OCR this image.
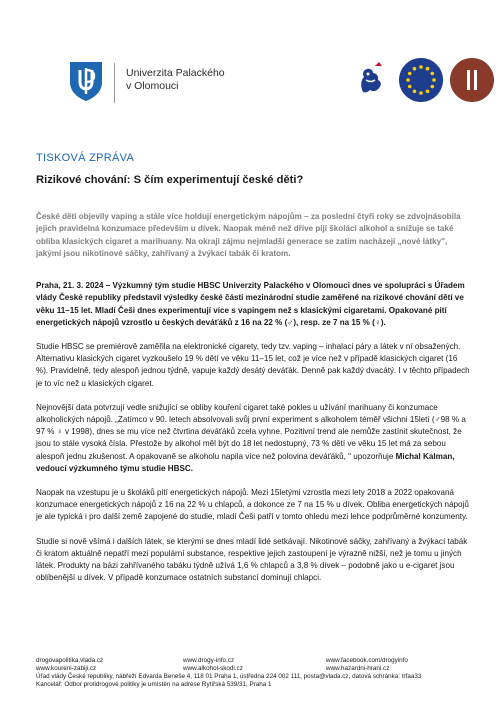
Univerzita Palackého
v Olomouci
TISKOVÁ ZPRÁVA
Rizikové chování: S čím experimentují české děti?
České děti objevily vaping a stále více holdují energetickým nápojům – za poslední čtyři roky se zdvojnásobila jejich pravidelná konzumace především u dívek. Naopak méně než dříve pijí školáci alkohol a snižuje se také obliba klasických cigaret a marihuany. Na okraji zájmu nejmladší generace se zatím nacházejí „nové látky", jakými jsou nikotinové sáčky, zahřívaný a žvýkací tabák či kratom.
Praha, 21. 3. 2024 – Výzkumný tým studie HBSC Univerzity Palackého v Olomouci dnes ve spolupráci s Úřadem vlády České republiky představil výsledky české části mezinárodní studie zaměřené na rizikové chování dětí ve věku 11–15 let. Mladí Češi dnes experimentují více s vapingem než s klasickými cigaretami. Opakované pití energetických nápojů vzrostlo u českých deváťáků z 16 na 22 % (♂), resp. ze 7 na 15 % (♀).
Studie HBSC se premiérově zaměřila na elektronické cigarety, tedy tzv. vaping – inhalaci páry a látek v ní obsažených. Alternativu klasických cigaret vyzkoušelo 19 % dětí ve věku 11–15 let, což je více než v případě klasických cigaret (16 %). Pravidelně, tedy alespoň jednou týdně, vapuje každý desátý deváťák. Denně pak každý dvacátý. I v těchto případech je to víc než u klasických cigaret.
Nejnovější data potvrzují vedle snižující se obliby kouření cigaret také pokles u užívání marihuany či konzumace alkoholických nápojů. „Zatímco v 90. letech absolvovali svůj první experiment s alkoholem téměř všichni 15letí (♂98 % a 97 % ♀ v 1998), dnes se mu více než čtvrtina deváťáků zcela vyhne. Pozitivní trend ale nemůže zastínit skutečnost, že jsou to stále vysoká čísla. Přestože by alkohol měl být do 18 let nedostupný, 73 % dětí ve věku 15 let má za sebou alespoň jednu zkušenost. A opakovaně se alkoholu napila více než polovina deváťáků, " upozorňuje Michal Kalman, vedoucí výzkumného týmu studie HBSC.
Naopak na vzestupu je u školáků pití energetických nápojů. Mezi 15letými vzrostla mezi lety 2018 a 2022 opakovaná konzumace energetických nápojů z 16 na 22 % u chlapců, a dokonce ze 7 na 15 % u dívek. Obliba energetických nápojů je ale typická i pro další země zapojené do studie, mladí Češi patří v tomto ohledu mezi lehce podprůměrné konzumenty.
Studie si nově všímá i dalších látek, se kterými se dnes mladí lidé setkávají. Nikotinové sáčky, zahřívaný a žvýkací tabák či kratom aktuálně nepatří mezi populární substance, respektive jejich zastoupení je výrazně nižší, než je tomu u jiných látek. Produkty na bázi zahřívaného tabáku týdně užívá 1,6 % chlapců a 3,8 % dívek – podobně jako u e-cigaret jsou oblíbenější u dívek. V případě konzumace ostatních substancí dominují chlapci.
drogovapolitika.vlada.cz	www.drogy-info.cz	www.facebook.com/drogyinfo
www.koureni-zabiji.cz	www.alkohol-skodi.cz	www.hazardni-hrani.cz
Úřad vlády České republiky, nábřeží Edvarda Beneše 4, 118 01 Praha 1, ústředna 224 002 111, posta@vlada.cz, datová schránka: trfaa33
Kancelář: Odbor protidrogové politiky je umístěn na adrese Rytířská 539/31, Praha 1
